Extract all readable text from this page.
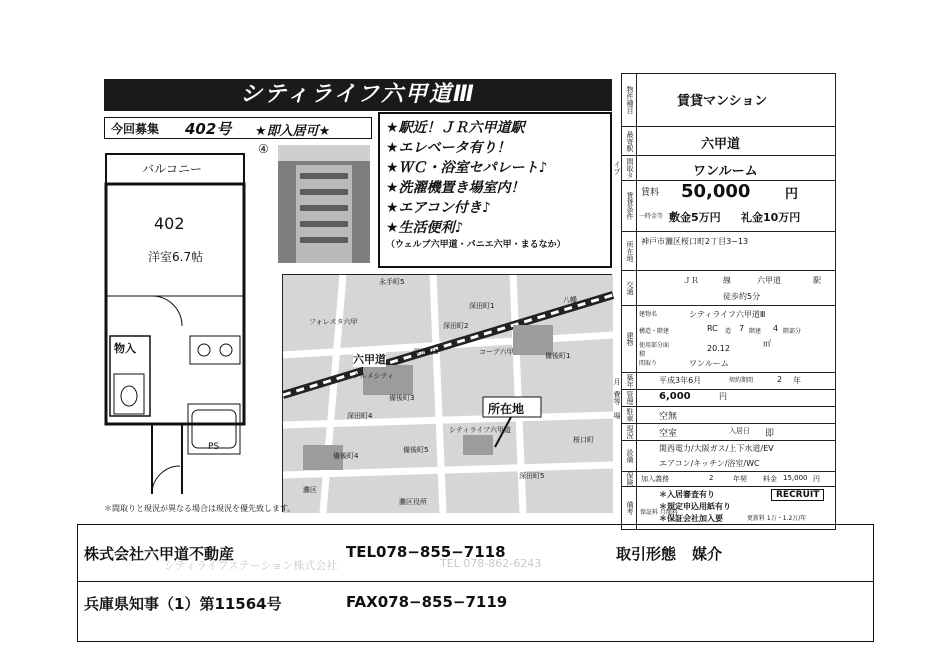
シティライフ六甲道Ⅲ
今回募集 402号 ★即入居可★
④
★駅近！ＪＲ六甲道駅
★エレベータ有り！
★ＷＣ・浴室セパレート♪
★洗濯機置き場室内！
★エアコン付き♪
★生活便利♪
（ウェルブ六甲道・パニエ六甲・まるなか）
バルコニー
402
洋室6.7帖
物入
PS
六甲道
所在地
永手町5
深田町1
八幡
深田町2
深田町3	備後町1
備後町3
備後町4
備後町5
桜口町
フォレスタ六甲
グルメシティ
シティライフ六甲道
コープ六甲
灘区役所
灘区
深田町4
深田町5
＊間取りと現況が異なる場合は現況を優先致します。
物件種目	賃貸マンション
最寄駅	六甲道
間取タイプ	ワンルーム
賃貸条件 賃料 50,000	円
一時金等 敷金5万円 礼金10万円
所在地 神戸市灘区桜口町2丁目3−13
交通
ＪＲ	線	六甲道	駅
徒歩約5分
建物
建物名	シティライフ六甲道Ⅲ
構造・階建	RC 造 7 階建 4 階部分
使用部分面積
20.12
㎡
間取り	ワンルーム
築年月	平成3年6月	契約期間	2 年
管理費等	6,000	円
駐車場	空無
現況	空室	入居日 即
設備
関西電力/大阪ガス/上下水道/EV
エアコン/キッチン/浴室/WC
保険	加入義務	2	年契 料金 15,000 円
備考
＊入居審査有り
＊規定申込用紙有り
＊保証会社加入要
RECRUIT
更新料 1万・1.2万/年
保証料 月額料
シティライフステーション株式会社	TEL 078-862-6243
株式会社六甲道不動産	TEL078−855−7118	取引形態 媒介
兵庫県知事（1）第11564号	FAX078−855−7119
